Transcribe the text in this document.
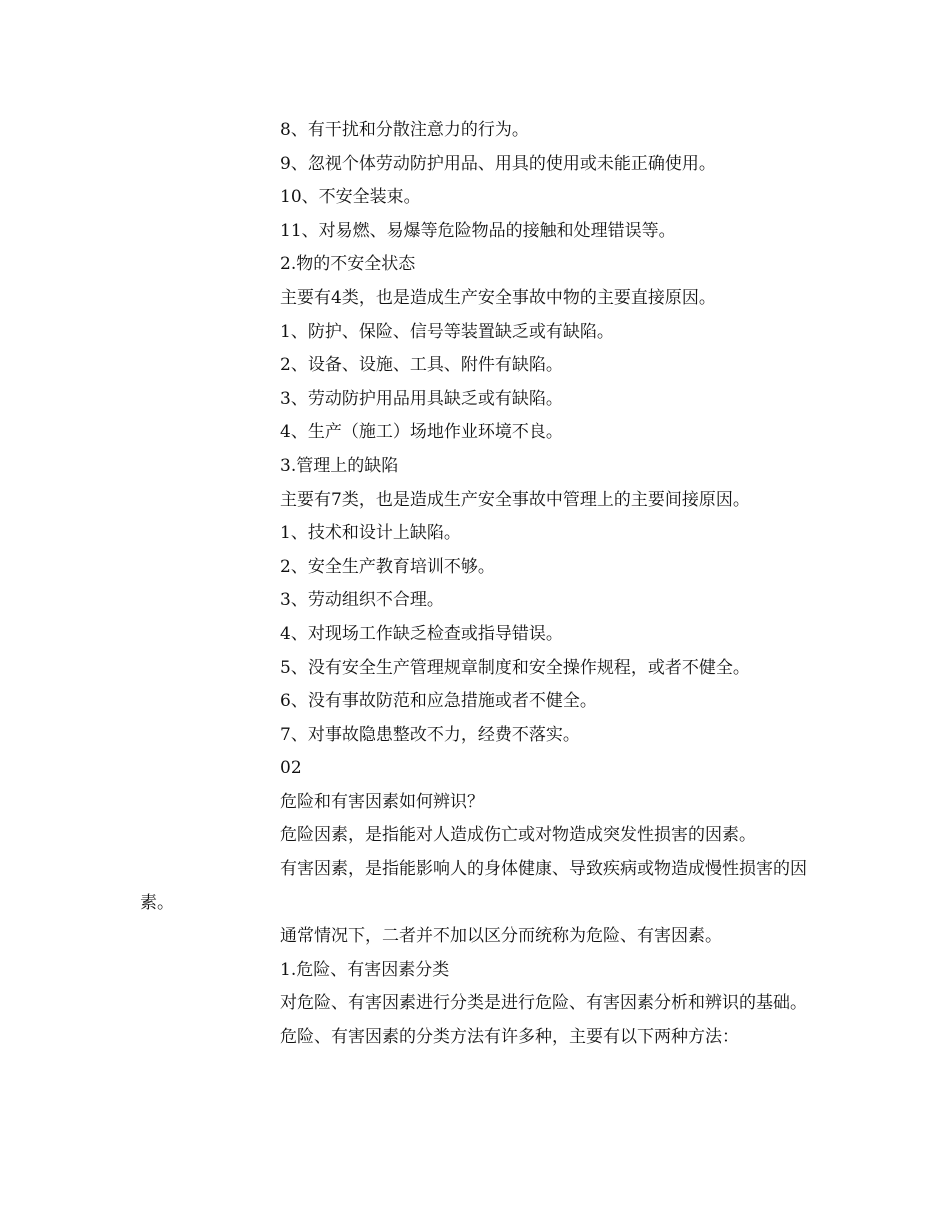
8、有干扰和分散注意力的行为。

9、忽视个体劳动防护用品、用具的使用或未能正确使用。

10、不安全装束。

11、对易燃、易爆等危险物品的接触和处理错误等。

2.物的不安全状态

主要有4类，也是造成生产安全事故中物的主要直接原因。

1、防护、保险、信号等装置缺乏或有缺陷。

2、设备、设施、工具、附件有缺陷。

3、劳动防护用品用具缺乏或有缺陷。

4、生产（施工）场地作业环境不良。

3.管理上的缺陷

主要有7类，也是造成生产安全事故中管理上的主要间接原因。

1、技术和设计上缺陷。

2、安全生产教育培训不够。

3、劳动组织不合理。

4、对现场工作缺乏检查或指导错误。

5、没有安全生产管理规章制度和安全操作规程，或者不健全。

6、没有事故防范和应急措施或者不健全。

7、对事故隐患整改不力，经费不落实。

02

危险和有害因素如何辨识？

危险因素，是指能对人造成伤亡或对物造成突发性损害的因素。

有害因素，是指能影响人的身体健康、导致疾病或物造成慢性损害的因素。

通常情况下，二者并不加以区分而统称为危险、有害因素。

1.危险、有害因素分类

对危险、有害因素进行分类是进行危险、有害因素分析和辨识的基础。

危险、有害因素的分类方法有许多种，主要有以下两种方法：
